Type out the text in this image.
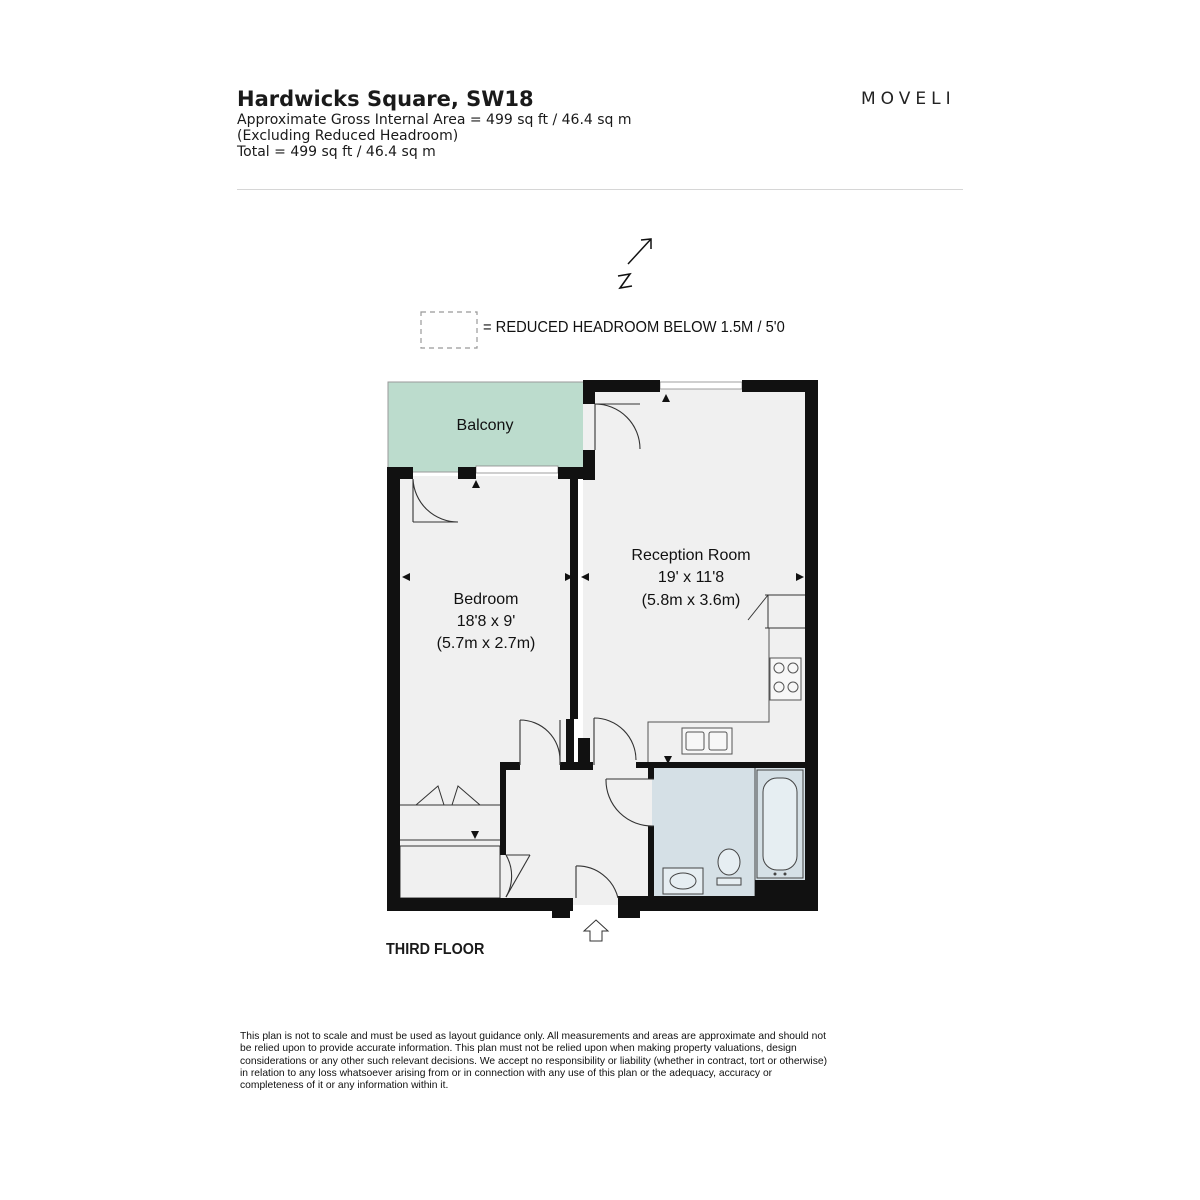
Hardwicks Square, SW18

Approximate Gross Internal Area = 499 sq ft / 46.4 sq m

(Excluding Reduced Headroom)

Total = 499 sq ft / 46.4 sq m

MOVELI
Balcony
Reception Room
19' x 11'8
(5.8m x 3.6m)
Bedroom
18'8 x 9'
(5.7m x 2.7m)
= REDUCED HEADROOM BELOW 1.5M / 5'0
THIRD FLOOR

This plan is not to scale and must be used as layout guidance only. All measurements and areas are approximate and should not be relied upon to provide accurate information. This plan must not be relied upon when making property valuations, design considerations or any other such relevant decisions. We accept no responsibility or liability (whether in contract, tort or otherwise) in relation to any loss whatsoever arising from or in connection with any use of this plan or the adequacy, accuracy or completeness of it or any information within it.
